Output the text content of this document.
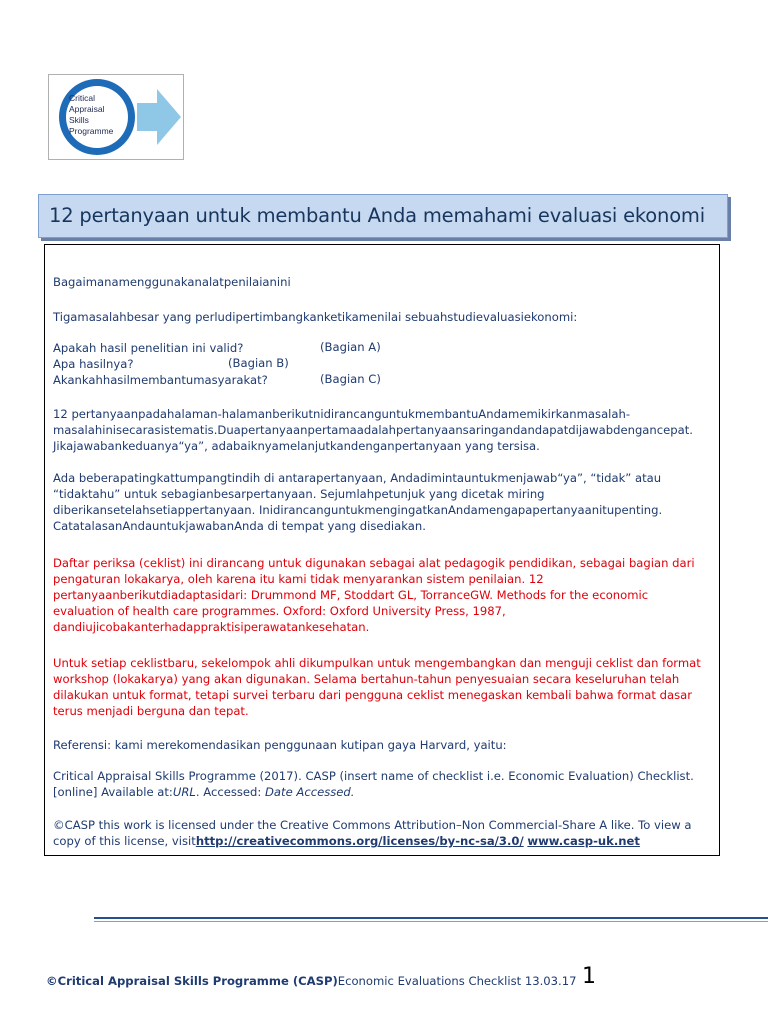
Critical
Appraisal
Skills
Programme
12 pertanyaan untuk membantu Anda memahami evaluasi ekonomi

Bagaimanamenggunakanalatpenilaianini

Tigamasalahbesar yang perludipertimbangkanketikamenilai sebuahstudievaluasiekonomi:

Apakah hasil penelitian ini valid?	(Bagian A)

Apa hasilnya?	(Bagian B)

Akankahhasilmembantumasyarakat?	(Bagian C)

12 pertanyaanpadahalaman-halamanberikutnidirancanguntukmembantuAndamemikirkanmasalah-

masalahinisecarasistematis.Duapertanyaanpertamaadalahpertanyaansaringandandapatdijawabdengancepat.

Jikajawabankeduanya“ya”, adabaiknyamelanjutkandenganpertanyaan yang tersisa.

Ada beberapatingkattumpangtindih di antarapertanyaan, Andadimintauntukmenjawab“ya”, “tidak” atau

“tidaktahu” untuk sebagianbesarpertanyaan. Sejumlahpetunjuk yang dicetak miring

diberikansetelahsetiappertanyaan. InidirancanguntukmengingatkanAndamengapapertanyaanitupenting.

CatatalasanAndauntukjawabanAnda di tempat yang disediakan.

Daftar periksa (ceklist) ini dirancang untuk digunakan sebagai alat pedagogik pendidikan, sebagai bagian dari

pengaturan lokakarya, oleh karena itu kami tidak menyarankan sistem penilaian. 12

pertanyaanberikutdiadaptasidari: Drummond MF, Stoddart GL, TorranceGW. Methods for the economic

evaluation of health care programmes. Oxford: Oxford University Press, 1987,

dandiujicobakanterhadappraktisiperawatankesehatan.

Untuk setiap ceklistbaru, sekelompok ahli dikumpulkan untuk mengembangkan dan menguji ceklist dan format

workshop (lokakarya) yang akan digunakan. Selama bertahun-tahun penyesuaian secara keseluruhan telah

dilakukan untuk format, tetapi survei terbaru dari pengguna ceklist menegaskan kembali bahwa format dasar

terus menjadi berguna dan tepat.

Referensi: kami merekomendasikan penggunaan kutipan gaya Harvard, yaitu:

Critical Appraisal Skills Programme (2017). CASP (insert name of checklist i.e. Economic Evaluation) Checklist.

[online] Available at:URL. Accessed: Date Accessed.

©CASP this work is licensed under the Creative Commons Attribution–Non Commercial-Share A like. To view a

copy of this license, visithttp://creativecommons.org/licenses/by-nc-sa/3.0/ www.casp-uk.net

©Critical Appraisal Skills Programme (CASP)Economic Evaluations Checklist 13.03.17 1
